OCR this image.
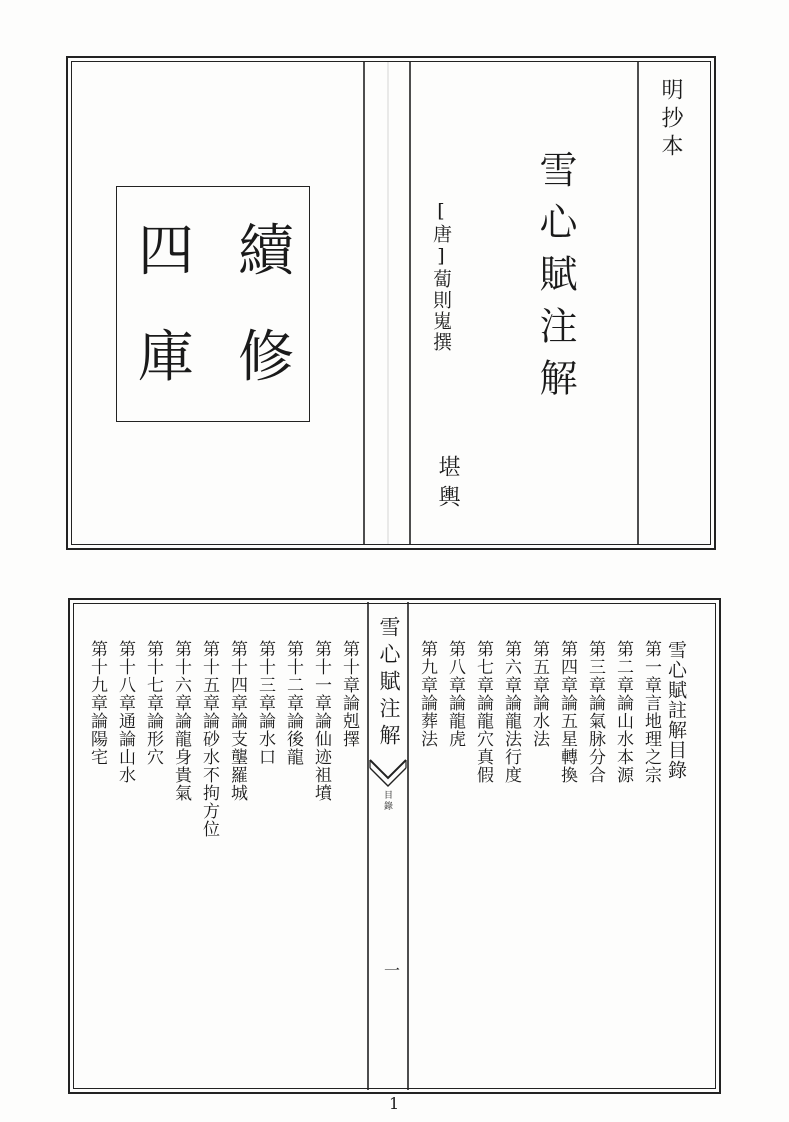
明抄本
雪心賦注解
[唐]蔔則嵬撰
堪輿
續
修
四
庫
雪心賦注解
目錄
一
雪心賦註解目錄
第一章言地理之宗
第二章論山水本源
第三章論氣脉分合
第四章論五星轉換
第五章論水法
第六章論龍法行度
第七章論龍穴真假
第八章論龍虎
第九章論葬法
第十章論剋擇
第十一章論仙迹祖墳
第十二章論後龍
第十三章論水口
第十四章論支壟羅城
第十五章論砂水不拘方位
第十六章論龍身貴氣
第十七章論形穴
第十八章通論山水
第十九章論陽宅
1
